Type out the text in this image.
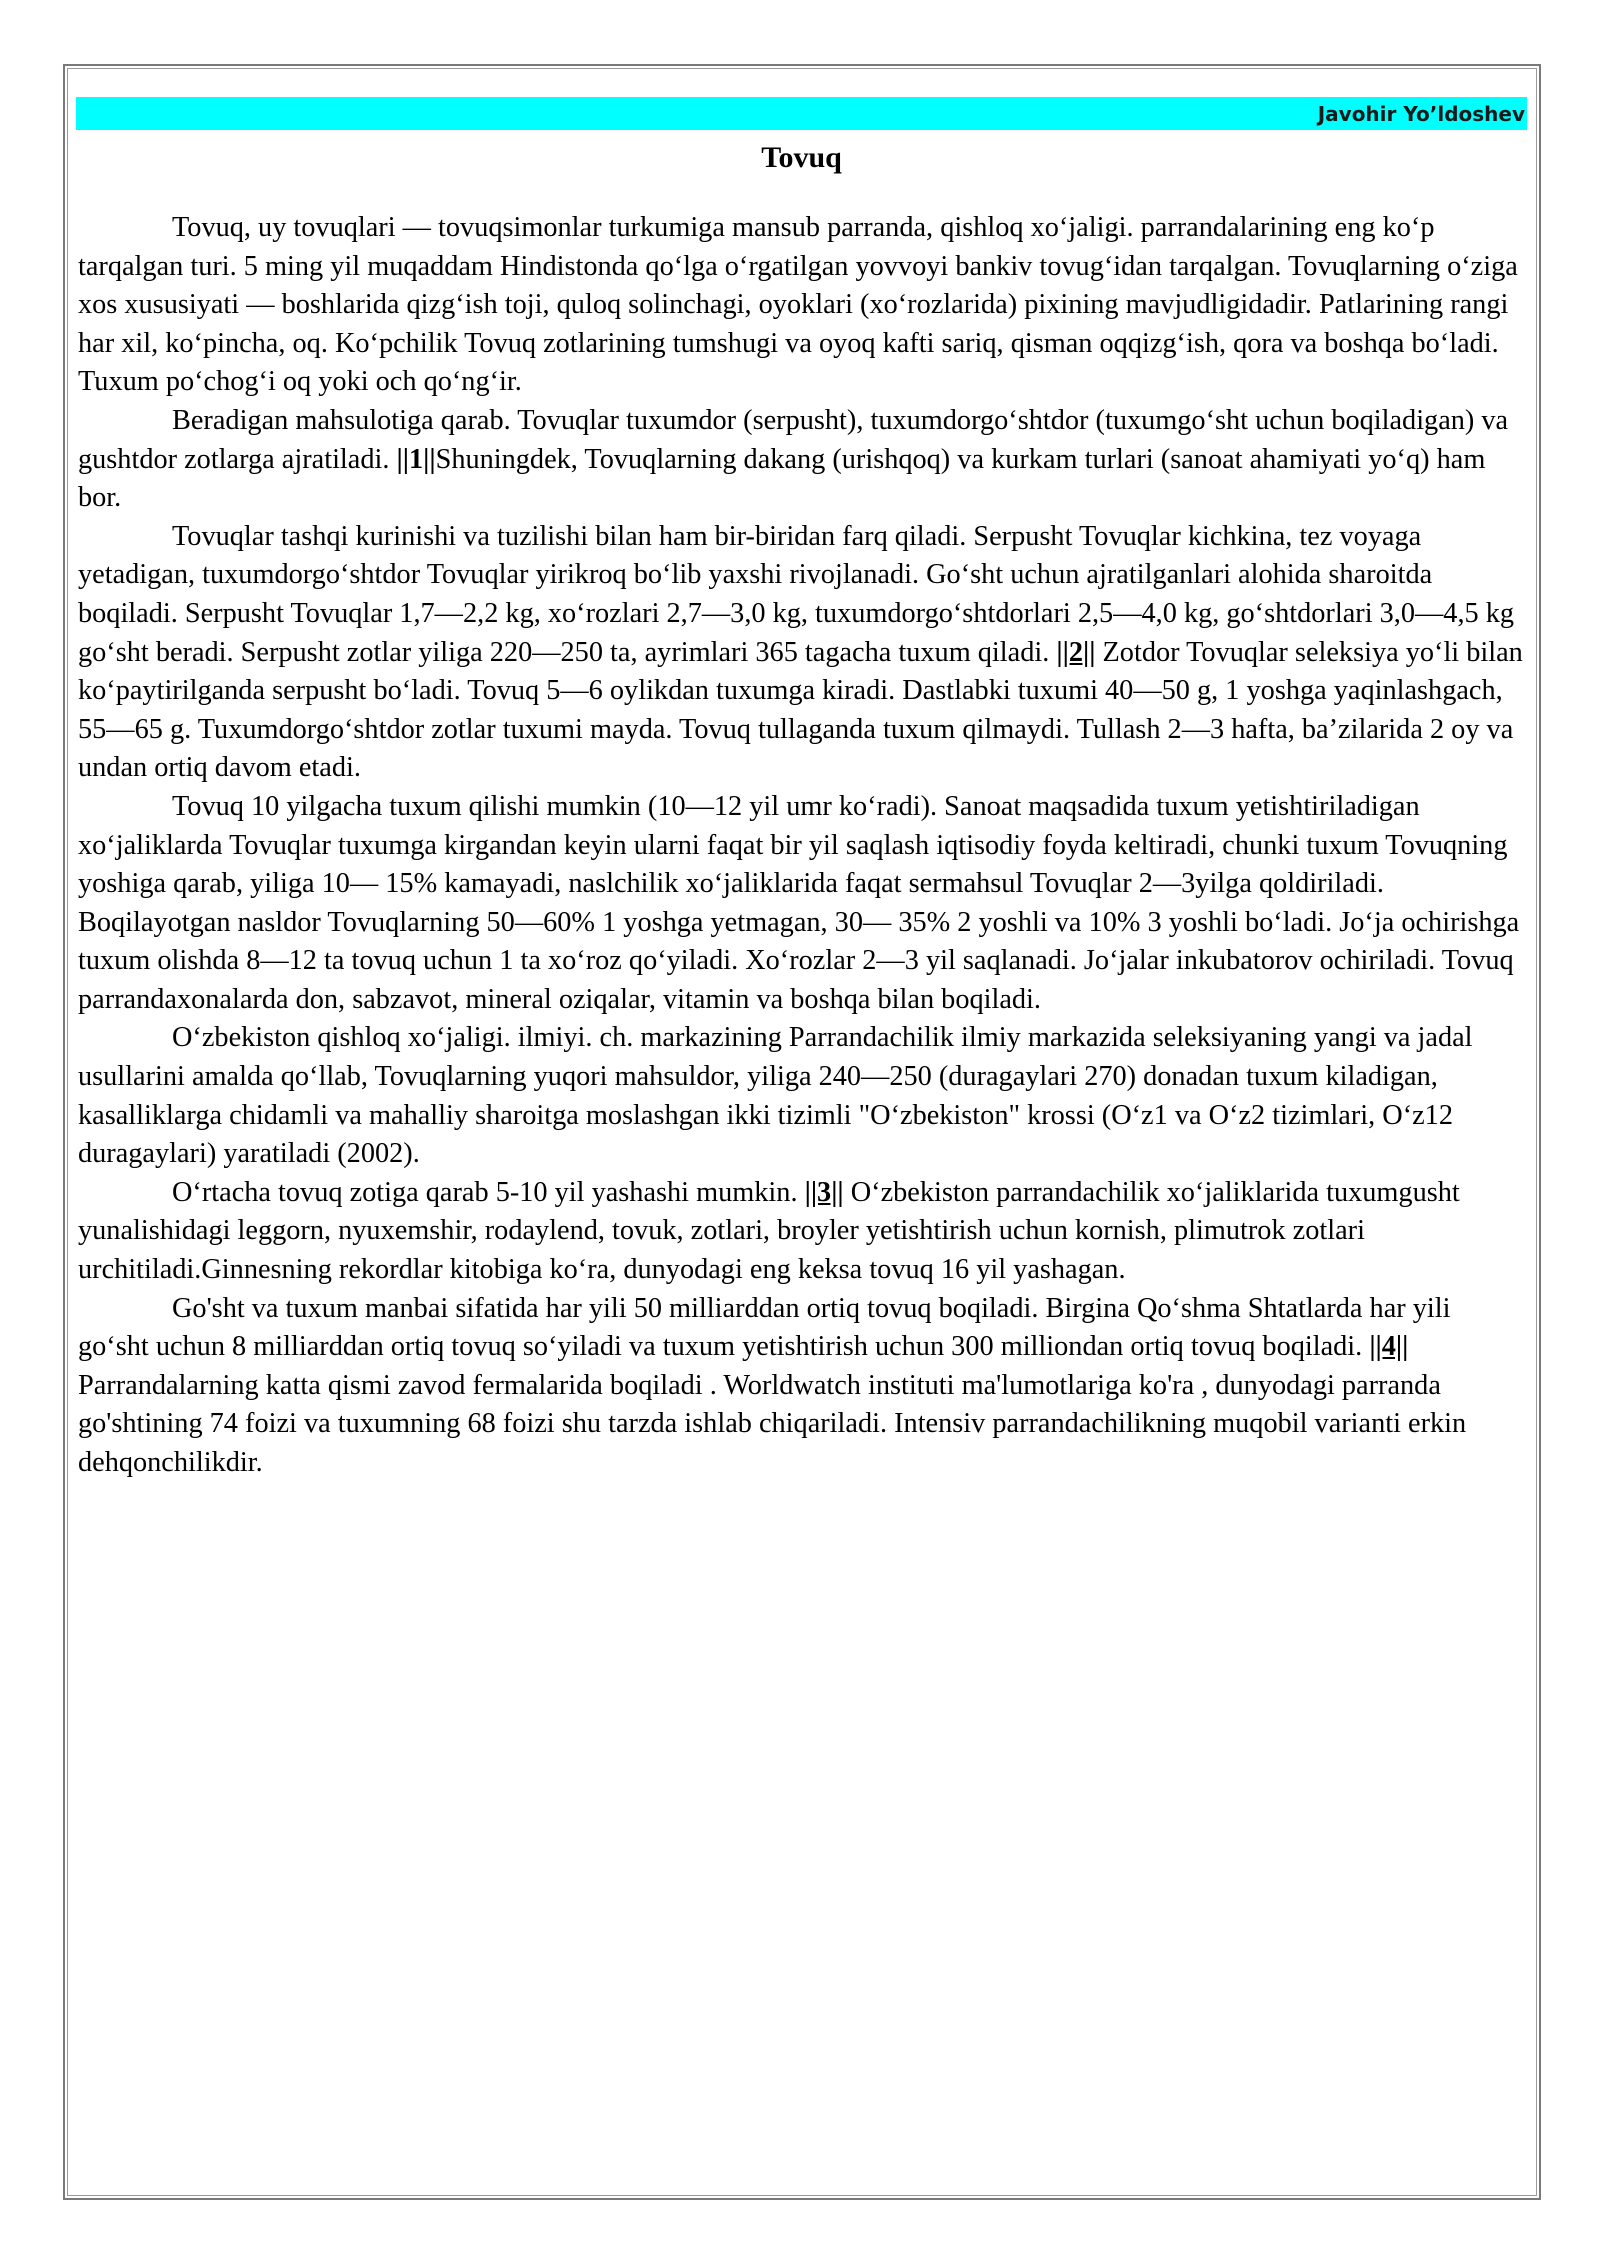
Javohir Yo’ldoshev
Tovuq

Tovuq, uy tovuqlari — tovuqsimonlar turkumiga mansub parranda, qishloq xo‘jaligi. parrandalarining eng ko‘p tarqalgan turi. 5 ming yil muqaddam Hindistonda qo‘lga o‘rgatilgan yovvoyi bankiv tovug‘idan tarqalgan. Tovuqlarning o‘ziga xos xususiyati — boshlarida qizg‘ish toji, quloq solinchagi, oyoklari (xo‘rozlarida) pixining mavjudligidadir. Patlarining rangi har xil, ko‘pincha, oq. Ko‘pchilik Tovuq zotlarining tumshugi va oyoq kafti sariq, qisman oqqizg‘ish, qora va boshqa bo‘ladi. Tuxum po‘chog‘i oq yoki och qo‘ng‘ir.

Beradigan mahsulotiga qarab. Tovuqlar tuxumdor (serpusht), tuxumdorgo‘shtdor (tuxumgo‘sht uchun boqiladigan) va gushtdor zotlarga ajratiladi. ||1||Shuningdek, Tovuqlarning dakang (urishqoq) va kurkam turlari (sanoat ahamiyati yo‘q) ham bor.

Tovuqlar tashqi kurinishi va tuzilishi bilan ham bir-biridan farq qiladi. Serpusht Tovuqlar kichkina, tez voyaga yetadigan, tuxumdorgo‘shtdor Tovuqlar yirikroq bo‘lib yaxshi rivojlanadi. Go‘sht uchun ajratilganlari alohida sharoitda boqiladi. Serpusht Tovuqlar 1,7—2,2 kg, xo‘rozlari 2,7—3,0 kg, tuxumdorgo‘shtdorlari 2,5—4,0 kg, go‘shtdorlari 3,0—4,5 kg go‘sht beradi. Serpusht zotlar yiliga 220—250 ta, ayrimlari 365 tagacha tuxum qiladi. ||2|| Zotdor Tovuqlar seleksiya yo‘li bilan ko‘paytirilganda serpusht bo‘ladi. Tovuq 5—6 oylikdan tuxumga kiradi. Dastlabki tuxumi 40—50 g, 1 yoshga yaqinlashgach, 55—65 g. Tuxumdorgo‘shtdor zotlar tuxumi mayda. Tovuq tullaganda tuxum qilmaydi. Tullash 2—3 hafta, ba’zilarida 2 oy va undan ortiq davom etadi.

Tovuq 10 yilgacha tuxum qilishi mumkin (10—12 yil umr ko‘radi). Sanoat maqsadida tuxum yetishtiriladigan xo‘jaliklarda Tovuqlar tuxumga kirgandan keyin ularni faqat bir yil saqlash iqtisodiy foyda keltiradi, chunki tuxum Tovuqning yoshiga qarab, yiliga 10— 15% kamayadi, naslchilik xo‘jaliklarida faqat sermahsul Tovuqlar 2—3yilga qoldiriladi. Boqilayotgan nasldor Tovuqlarning 50—60% 1 yoshga yetmagan, 30— 35% 2 yoshli va 10% 3 yoshli bo‘ladi. Jo‘ja ochirishga tuxum olishda 8—12 ta tovuq uchun 1 ta xo‘roz qo‘yiladi. Xo‘rozlar 2—3 yil saqlanadi. Jo‘jalar inkubatorov ochiriladi. Tovuq parrandaxonalarda don, sabzavot, mineral oziqalar, vitamin va boshqa bilan boqiladi.

O‘zbekiston qishloq xo‘jaligi. ilmiyi. ch. markazining Parrandachilik ilmiy markazida seleksiyaning yangi va jadal usullarini amalda qo‘llab, Tovuqlarning yuqori mahsuldor, yiliga 240—250 (duragaylari 270) donadan tuxum kiladigan, kasalliklarga chidamli va mahalliy sharoitga moslashgan ikki tizimli "O‘zbekiston" krossi (O‘z1 va O‘z2 tizimlari, O‘z12 duragaylari) yaratiladi (2002).

O‘rtacha tovuq zotiga qarab 5-10 yil yashashi mumkin. ||3|| O‘zbekiston parrandachilik xo‘jaliklarida tuxumgusht yunalishidagi leggorn, nyuxemshir, rodaylend, tovuk, zotlari, broyler yetishtirish uchun kornish, plimutrok zotlari urchitiladi.Ginnesning rekordlar kitobiga ko‘ra, dunyodagi eng keksa tovuq 16 yil yashagan.

Go'sht va tuxum manbai sifatida har yili 50 milliarddan ortiq tovuq boqiladi. Birgina Qo‘shma Shtatlarda har yili go‘sht uchun 8 milliarddan ortiq tovuq so‘yiladi va tuxum yetishtirish uchun 300 milliondan ortiq tovuq boqiladi. ||4|| Parrandalarning katta qismi zavod fermalarida boqiladi . Worldwatch instituti ma'lumotlariga ko'ra , dunyodagi parranda go'shtining 74 foizi va tuxumning 68 foizi shu tarzda ishlab chiqariladi. Intensiv parrandachilikning muqobil varianti erkin dehqonchilikdir.
